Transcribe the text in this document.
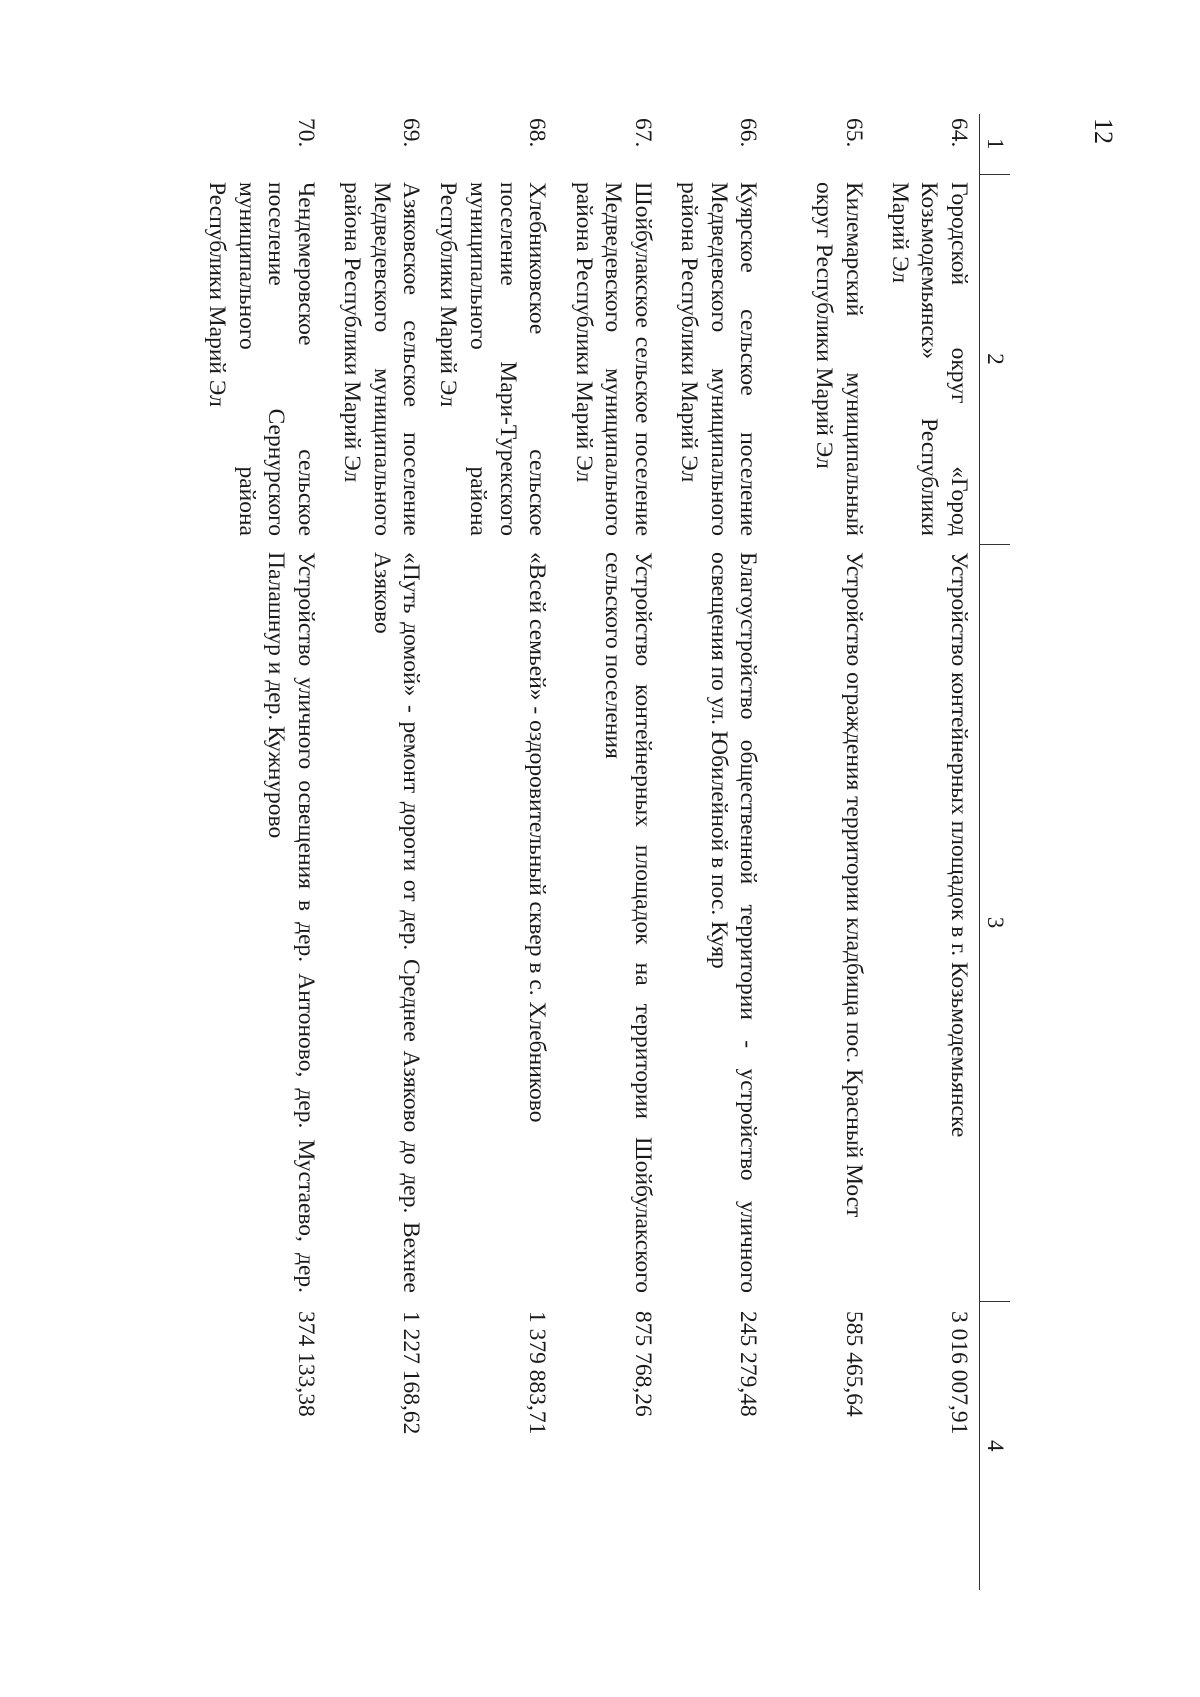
12
1	2	3	4
64.	Городской округ «Город Козьмодемьянск» Республики Марий Эл	Устройство контейнерных площадок в г. Козьмодемьянске	3 016 007,91
65.	Килемарский муниципальный округ Республики Марий Эл	Устройство ограждения территории кладбища пос. Красный Мост	585 465,64
66.	Куярское сельское поселение Медведевского муниципального района Республики Марий Эл	Благоустройство общественной территории - устройство уличного освещения по ул. Юбилейной в пос. Куяр	245 279,48
67.	Шойбулакское сельское поселение Медведевского муниципального района Республики Марий Эл	Устройство контейнерных площадок на территории Шойбулакского сельского поселения	875 768,26
68.	Хлебниковское сельское поселение Мари-Турекского муниципального района Республики Марий Эл	«Всей семьей» - оздоровительный сквер в с. Хлебниково	1 379 883,71
69.	Азяковское сельское поселение Медведевского муниципального района Республики Марий Эл	«Путь домой» - ремонт дороги от дер. Среднее Азяково до дер. Вехнее Азяково	1 227 168,62
70.	Чендемеровское сельское поселение Сернурского муниципального района Республики Марий Эл	Устройство уличного освещения в дер. Антоново, дер. Мустаево, дер. Палашнур и дер. Кужнурово	374 133,38
